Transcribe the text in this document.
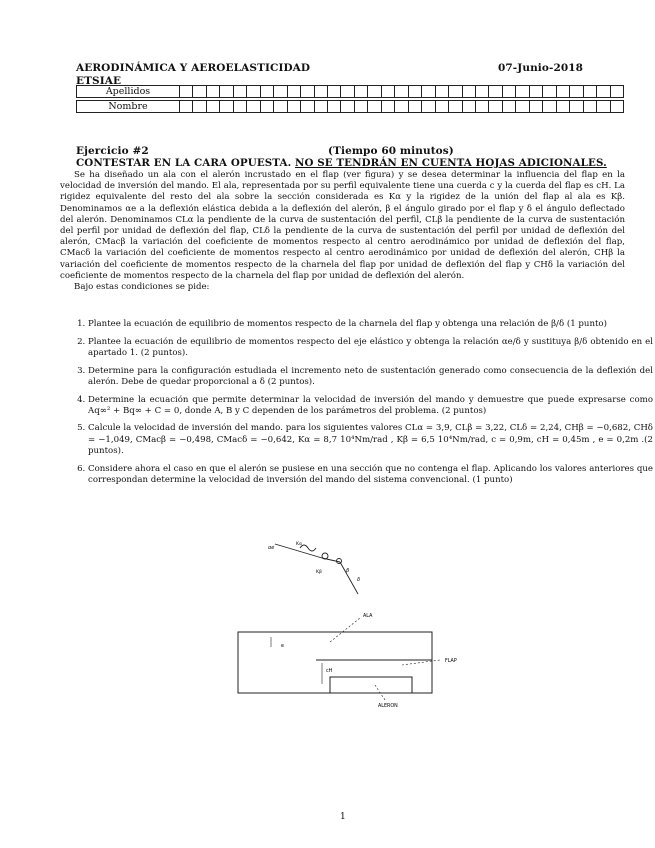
AERODINÁMICA Y AEROELASTICIDAD	07-Junio-2018
ETSIAE
Apellidos
Nombre
Ejercicio #2	(Tiempo 60 minutos)
CONTESTAR EN LA CARA OPUESTA. NO SE TENDRÁN EN CUENTA HOJAS ADICIONALES.

Se ha diseñado un ala con el alerón incrustado en el flap (ver figura) y se desea determinar la influencia del flap en la velocidad de inversión del mando. El ala, representada por su perfil equivalente tiene una cuerda c y la cuerda del flap es cH. La rigidez equivalente del resto del ala sobre la sección considerada es Kα y la rigidez de la unión del flap al ala es Kβ. Denominamos αe a la deflexión elástica debida a la deflexión del alerón, β el ángulo girado por el flap y δ el ángulo deflectado del alerón. Denominamos CLα la pendiente de la curva de sustentación del perfil, CLβ la pendiente de la curva de sustentación del perfil por unidad de deflexión del flap, CLδ la pendiente de la curva de sustentación del perfil por unidad de deflexión del alerón, CMacβ la variación del coeficiente de momentos respecto al centro aerodinámico por unidad de deflexión del flap, CMacδ la variación del coeficiente de momentos respecto al centro aerodinámico por unidad de deflexión del alerón, CHβ la variación del coeficiente de momentos respecto de la charnela del flap por unidad de deflexión del flap y CHδ la variación del coeficiente de momentos respecto de la charnela del flap por unidad de deflexión del alerón.

Bajo estas condiciones se pide:

1. Plantee la ecuación de equilibrio de momentos respecto de la charnela del flap y obtenga una relación de β/δ (1 punto)
2. Plantee la ecuación de equilibrio de momentos respecto del eje elástico y obtenga la relación αe/δ y sustituya β/δ obtenido en el apartado 1. (2 puntos).
3. Determine para la configuración estudiada el incremento neto de sustentación generado como consecuencia de la deflexión del alerón. Debe de quedar proporcional a δ (2 puntos).
4. Determine la ecuación que permite determinar la velocidad de inversión del mando y demuestre que puede expresarse como Aq∞² + Bq∞ + C = 0, donde A, B y C dependen de los parámetros del problema. (2 puntos)
5. Calcule la velocidad de inversión del mando. para los siguientes valores CLα = 3,9, CLβ = 3,22, CLδ = 2,24, CHβ = −0,682, CHδ = −1,049, CMacβ = −0,498, CMacδ = −0,642, Kα = 8,7 10⁴Nm/rad , Kβ = 6,5 10⁴Nm/rad, c = 0,9m, cH = 0,45m , e = 0,2m .(2 puntos).
6. Considere ahora el caso en que el alerón se pusiese en una sección que no contenga el flap. Aplicando los valores anteriores que correspondan determine la velocidad de inversión del mando del sistema convencional. (1 punto)
Kα
Kβ
αe
β
δ
ALA
FLAP
ALERON
e
cH
1
